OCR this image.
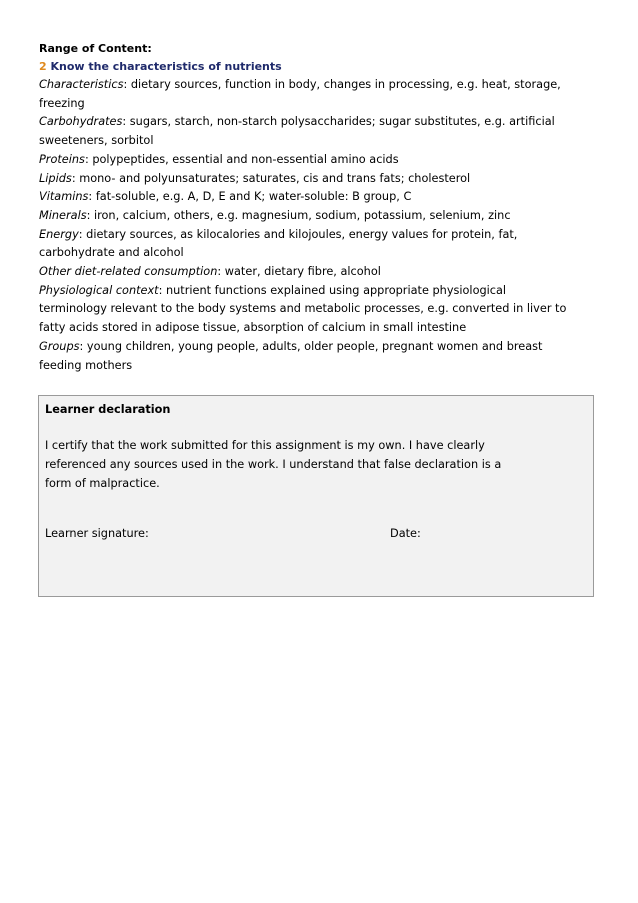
Range of Content:
2 Know the characteristics of nutrients
Characteristics: dietary sources, function in body, changes in processing, e.g. heat, storage,
freezing
Carbohydrates: sugars, starch, non-starch polysaccharides; sugar substitutes, e.g. artificial
sweeteners, sorbitol
Proteins: polypeptides, essential and non-essential amino acids
Lipids: mono- and polyunsaturates; saturates, cis and trans fats; cholesterol
Vitamins: fat-soluble, e.g. A, D, E and K; water-soluble: B group, C
Minerals: iron, calcium, others, e.g. magnesium, sodium, potassium, selenium, zinc
Energy: dietary sources, as kilocalories and kilojoules, energy values for protein, fat,
carbohydrate and alcohol
Other diet-related consumption: water, dietary fibre, alcohol
Physiological context: nutrient functions explained using appropriate physiological
terminology relevant to the body systems and metabolic processes, e.g. converted in liver to
fatty acids stored in adipose tissue, absorption of calcium in small intestine
Groups: young children, young people, adults, older people, pregnant women and breast
feeding mothers
Learner declaration
I certify that the work submitted for this assignment is my own. I have clearly
referenced any sources used in the work. I understand that false declaration is a
form of malpractice.
Learner signature:	Date:
